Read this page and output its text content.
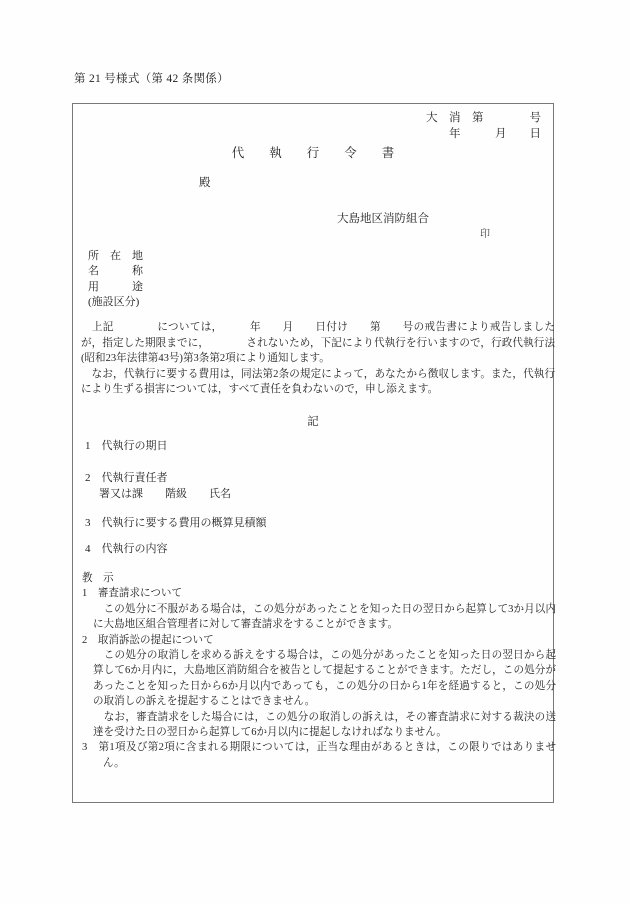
第 21 号様式（第 42 条関係）
大　消　第　　　　号
年　　　月　　日
代　　執　　行　　令　　書
殿
大島地区消防組合
印
所　在　地
名　　　称
用　　　途
(施設区分)

　上記　　　　については，　　　年　　月　　日付け　　第　　号の戒告書により戒告しましたが，指定した期限までに，　　　　されないため，下記により代執行を行いますので，行政代執行法(昭和23年法律第43号)第3条第2項により通知します。

　なお，代執行に要する費用は，同法第2条の規定によって，あなたから徴収します。また，代執行により生ずる損害については，すべて責任を負わないので，申し添えます。

記
1　代執行の期日
2　代執行責任者
署又は課　　階級　　氏名
3　代執行に要する費用の概算見積額
4　代執行の内容
教　示
1　審査請求について
　この処分に不服がある場合は，この処分があったことを知った日の翌日から起算して3か月以内に大島地区組合管理者に対して審査請求をすることができます。
2　取消訴訟の提起について
　この処分の取消しを求める訴えをする場合は，この処分があったことを知った日の翌日から起算して6か月内に，大島地区消防組合を被告として提起することができます。ただし，この処分があったことを知った日から6か月以内であっても，この処分の日から1年を経過すると，この処分の取消しの訴えを提起することはできません。
　なお，審査請求をした場合には，この処分の取消しの訴えは，その審査請求に対する裁決の送達を受けた日の翌日から起算して6か月以内に提起しなければなりません。
3　第1項及び第2項に含まれる期限については，正当な理由があるときは，この限りではありません。
